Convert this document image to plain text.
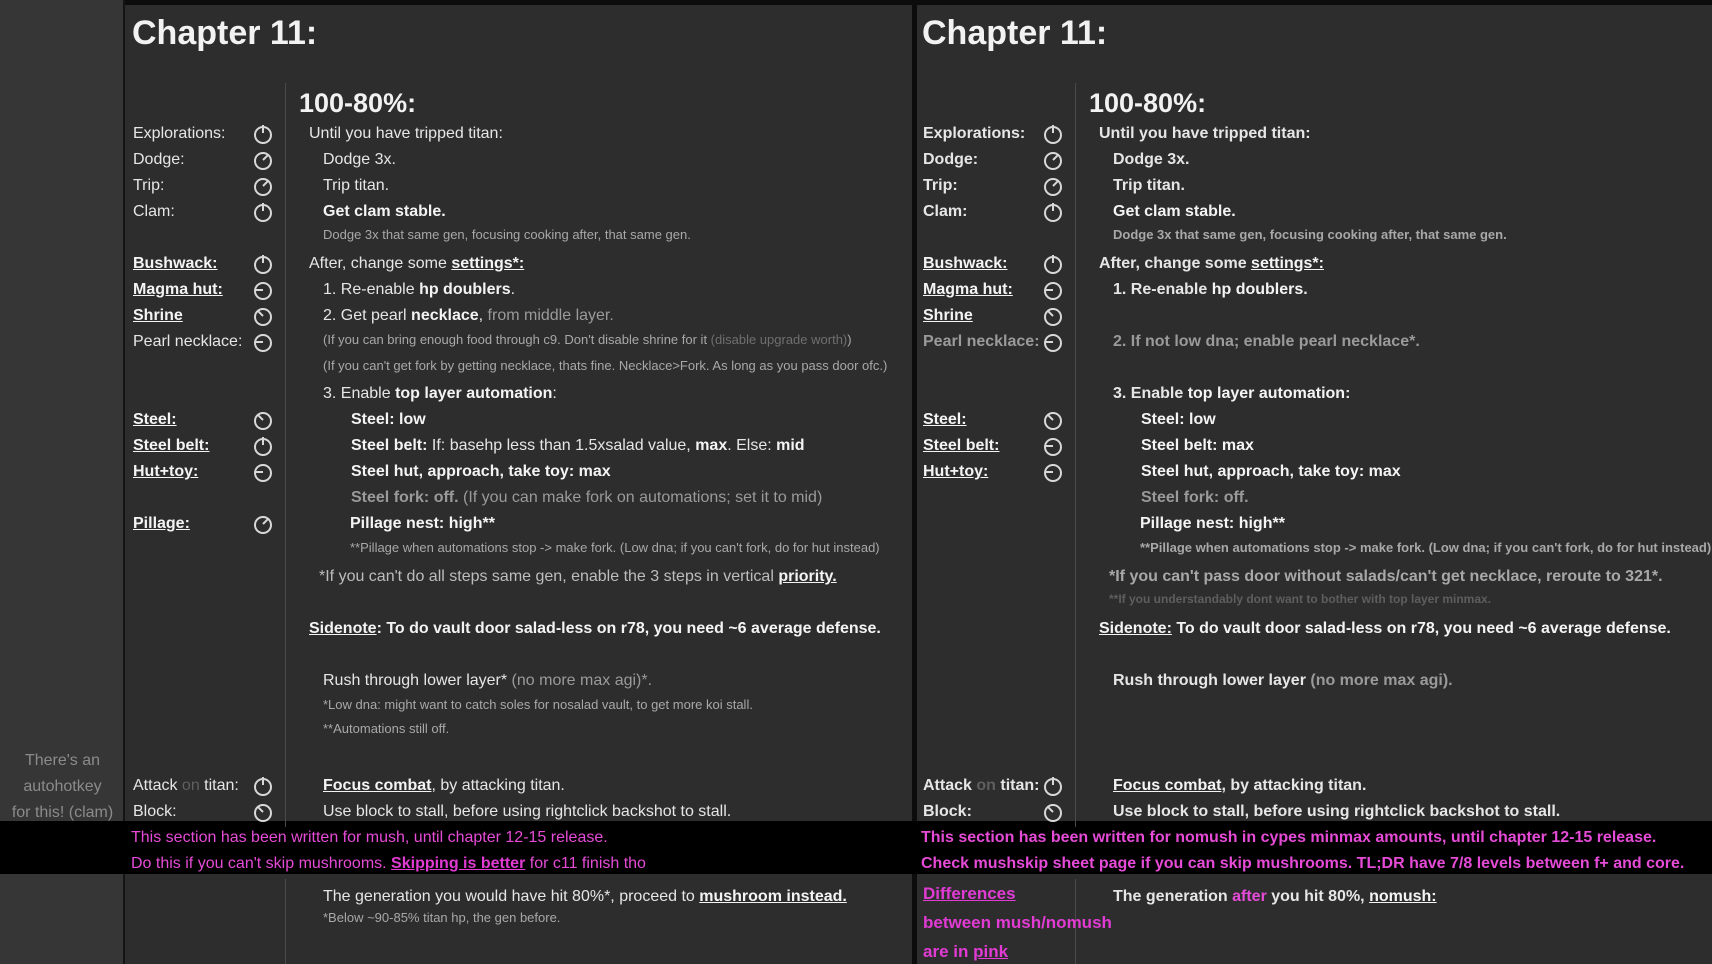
There's an
autohotkey
for this! (clam)
Chapter 11:
100-80%:
Explorations:
Dodge:
Trip:
Clam:
Bushwack:
Magma hut:
Shrine
Pearl necklace:
Steel:
Steel belt:
Hut+toy:
Pillage:
Attack on titan:
Block:
Until you have tripped titan:
Dodge 3x.
Trip titan.
Get clam stable.
Dodge 3x that same gen, focusing cooking after, that same gen.
After, change some settings*:
1. Re-enable hp doublers.
2. Get pearl necklace, from middle layer.
(If you can bring enough food through c9. Don't disable shrine for it (disable upgrade worth))
(If you can't get fork by getting necklace, thats fine. Necklace>Fork. As long as you pass door ofc.)
3. Enable top layer automation:
Steel: low
Steel belt: If: basehp less than 1.5xsalad value, max. Else: mid
Steel hut, approach, take toy: max
Steel fork: off. (If you can make fork on automations; set it to mid)
Pillage nest: high**
**Pillage when automations stop -> make fork. (Low dna; if you can't fork, do for hut instead)
*If you can't do all steps same gen, enable the 3 steps in vertical priority.
Sidenote: To do vault door salad-less on r78, you need ~6 average defense.
Rush through lower layer* (no more max agi)*.
*Low dna: might want to catch soles for nosalad vault, to get more koi stall.
**Automations still off.
Focus combat, by attacking titan.
Use block to stall, before using rightclick backshot to stall.
This section has been written for mush, until chapter 12-15 release.
Do this if you can't skip mushrooms. Skipping is better for c11 finish tho
The generation you would have hit 80%*, proceed to mushroom instead.
*Below ~90-85% titan hp, the gen before.
Chapter 11:
100-80%:
Explorations:
Dodge:
Trip:
Clam:
Bushwack:
Magma hut:
Shrine
Pearl necklace:
Steel:
Steel belt:
Hut+toy:
Attack on titan:
Block:
Until you have tripped titan:
Dodge 3x.
Trip titan.
Get clam stable.
Dodge 3x that same gen, focusing cooking after, that same gen.
After, change some settings*:
1. Re-enable hp doublers.
2. If not low dna; enable pearl necklace*.
3. Enable top layer automation:
Steel: low
Steel belt: max
Steel hut, approach, take toy: max
Steel fork: off.
Pillage nest: high**
**Pillage when automations stop -> make fork. (Low dna; if you can't fork, do for hut instead)
*If you can't pass door without salads/can't get necklace, reroute to 321*.
**If you understandably dont want to bother with top layer minmax.
Sidenote: To do vault door salad-less on r78, you need ~6 average defense.
Rush through lower layer (no more max agi).
Focus combat, by attacking titan.
Use block to stall, before using rightclick backshot to stall.
This section has been written for nomush in cypes minmax amounts, until chapter 12-15 release.
Check mushskip sheet page if you can skip mushrooms. TL;DR have 7/8 levels between f+ and core.
Differences
between mush/nomush
are in pink
The generation after you hit 80%, nomush:
